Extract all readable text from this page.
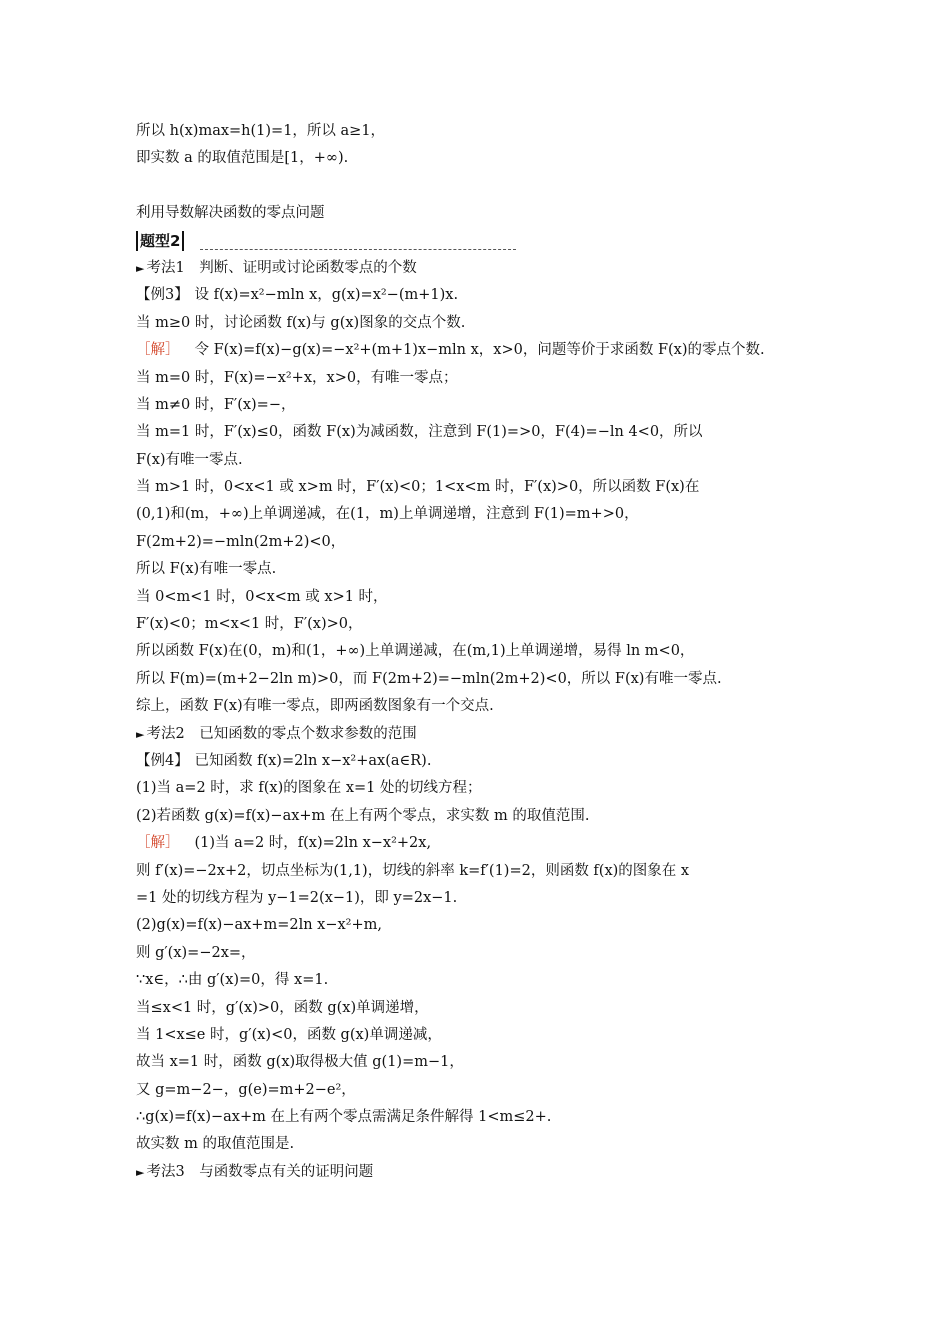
所以 h(x)max=h(1)=1，所以 a≥1，
即实数 a 的取值范围是[1，+∞).
利用导数解决函数的零点问题
题型2
► 考法1　判断、证明或讨论函数零点的个数
【例3】　 设 f(x)=x²−mln x，g(x)=x²−(m+1)x.
当 m≥0 时，讨论函数 f(x)与 g(x)图象的交点个数.
［解］　 令 F(x)=f(x)−g(x)=−x²+(m+1)x−mln x，x>0，问题等价于求函数 F(x)的零点个数.
当 m=0 时，F(x)=−x²+x，x>0，有唯一零点；
当 m≠0 时，F′(x)=−，
当 m=1 时，F′(x)≤0，函数 F(x)为减函数，注意到 F(1)=>0，F(4)=−ln 4<0，所以
F(x)有唯一零点.
当 m>1 时，0<x<1 或 x>m 时，F′(x)<0；1<x<m 时，F′(x)>0，所以函数 F(x)在
(0,1)和(m，+∞)上单调递减，在(1，m)上单调递增，注意到 F(1)=m+>0，
F(2m+2)=−mln(2m+2)<0，
所以 F(x)有唯一零点.
当 0<m<1 时，0<x<m 或 x>1 时，
F′(x)<0；m<x<1 时，F′(x)>0，
所以函数 F(x)在(0，m)和(1，+∞)上单调递减，在(m,1)上单调递增，易得 ln m<0，
所以 F(m)=(m+2−2ln m)>0，而 F(2m+2)=−mln(2m+2)<0，所以 F(x)有唯一零点.
综上，函数 F(x)有唯一零点，即两函数图象有一个交点.
► 考法2　已知函数的零点个数求参数的范围
【例4】　 已知函数 f(x)=2ln x−x²+ax(a∈R).
(1)当 a=2 时，求 f(x)的图象在 x=1 处的切线方程；
(2)若函数 g(x)=f(x)−ax+m 在上有两个零点，求实数 m 的取值范围.
［解］　 (1)当 a=2 时，f(x)=2ln x−x²+2x,
则 f′(x)=−2x+2，切点坐标为(1,1)，切线的斜率 k=f′(1)=2，则函数 f(x)的图象在 x
=1 处的切线方程为 y−1=2(x−1)，即 y=2x−1.
(2)g(x)=f(x)−ax+m=2ln x−x²+m,
则 g′(x)=−2x=，
∵x∈，∴由 g′(x)=0，得 x=1.
当≤x<1 时，g′(x)>0，函数 g(x)单调递增，
当 1<x≤e 时，g′(x)<0，函数 g(x)单调递减，
故当 x=1 时，函数 g(x)取得极大值 g(1)=m−1，
又 g=m−2−，g(e)=m+2−e²，
∴g(x)=f(x)−ax+m 在上有两个零点需满足条件解得 1<m≤2+.
故实数 m 的取值范围是.
► 考法3　与函数零点有关的证明问题
